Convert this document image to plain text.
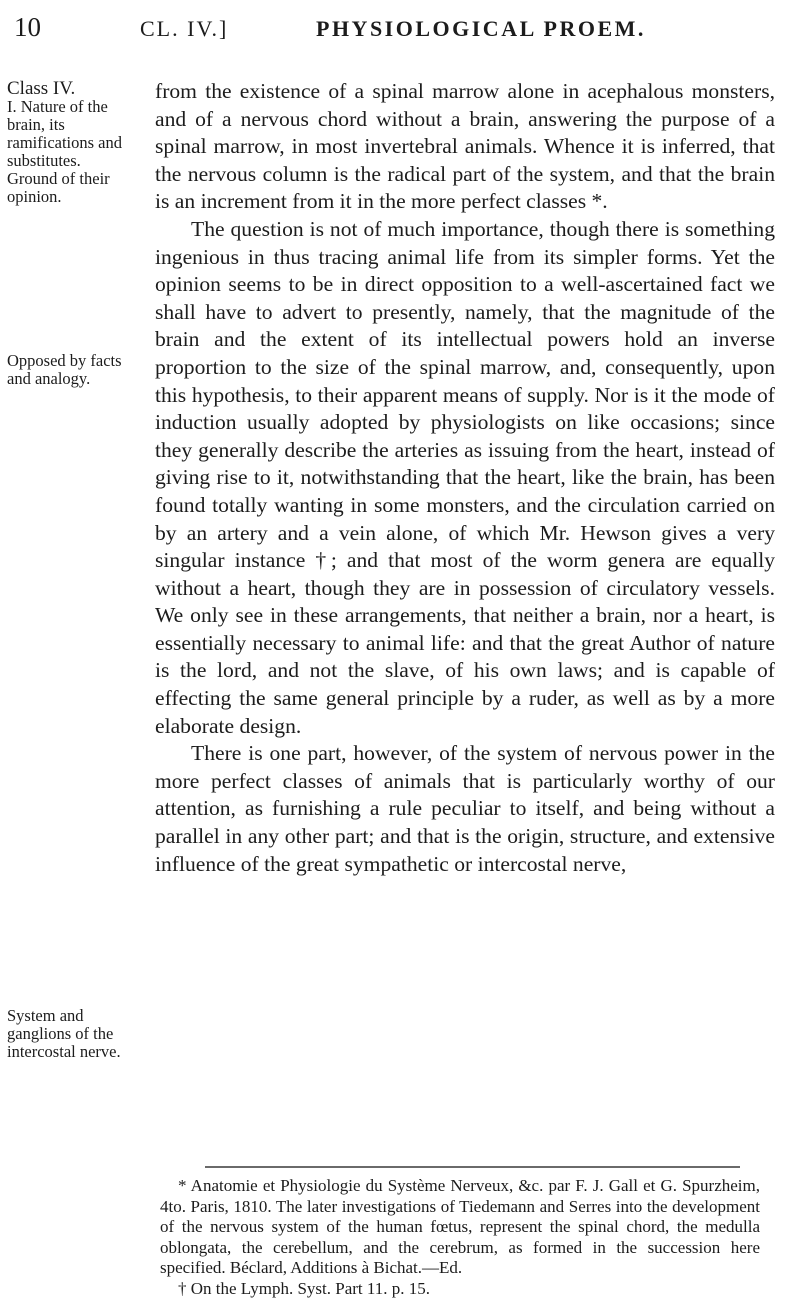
10	CL. IV.]	PHYSIOLOGICAL PROEM.
Class IV.
I. Nature of the brain, its ramifications and substitutes. Ground of their opinion.
Opposed by facts and analogy.
System and ganglions of the intercostal nerve.

from the existence of a spinal marrow alone in acephalous monsters, and of a nervous chord without a brain, answering the purpose of a spinal marrow, in most invertebral animals. Whence it is inferred, that the nervous column is the radical part of the system, and that the brain is an increment from it in the more perfect classes *.

The question is not of much importance, though there is something ingenious in thus tracing animal life from its simpler forms. Yet the opinion seems to be in direct opposition to a well-ascertained fact we shall have to advert to presently, namely, that the magnitude of the brain and the extent of its intellectual powers hold an inverse proportion to the size of the spinal marrow, and, consequently, upon this hypothesis, to their apparent means of supply. Nor is it the mode of induction usually adopted by physiologists on like occasions; since they generally describe the arteries as issuing from the heart, instead of giving rise to it, notwithstanding that the heart, like the brain, has been found totally wanting in some monsters, and the circulation carried on by an artery and a vein alone, of which Mr. Hewson gives a very singular instance †; and that most of the worm genera are equally without a heart, though they are in possession of circulatory vessels. We only see in these arrangements, that neither a brain, nor a heart, is essentially necessary to animal life: and that the great Author of nature is the lord, and not the slave, of his own laws; and is capable of effecting the same general principle by a ruder, as well as by a more elaborate design.

There is one part, however, of the system of nervous power in the more perfect classes of animals that is particularly worthy of our attention, as furnishing a rule peculiar to itself, and being without a parallel in any other part; and that is the origin, structure, and extensive influence of the great sympathetic or intercostal nerve,

* Anatomie et Physiologie du Système Nerveux, &c. par F. J. Gall et G. Spurzheim, 4to. Paris, 1810. The later investigations of Tiedemann and Serres into the development of the nervous system of the human fœtus, represent the spinal chord, the medulla oblongata, the cerebellum, and the cerebrum, as formed in the succession here specified. Béclard, Additions à Bichat.—Ed.

† On the Lymph. Syst. Part 11. p. 15.
